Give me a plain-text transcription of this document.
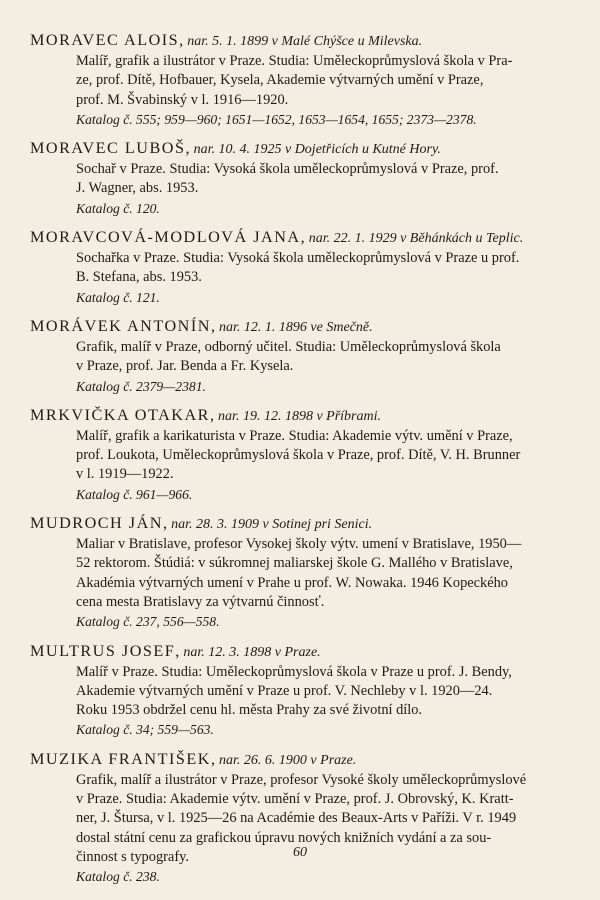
MORAVEC ALOIS, nar. 5. 1. 1899 v Malé Chýšce u Milevska.
Malíř, grafik a ilustrátor v Praze. Studia: Uměleckoprůmyslová škola v Pra-
ze, prof. Dítě, Hofbauer, Kysela, Akademie výtvarných umění v Praze,
prof. M. Švabinský v l. 1916—1920.
Katalog č. 555; 959—960; 1651—1652, 1653—1654, 1655; 2373—2378.
MORAVEC LUBOŠ, nar. 10. 4. 1925 v Dojetřicích u Kutné Hory.
Sochař v Praze. Studia: Vysoká škola uměleckoprůmyslová v Praze, prof.
J. Wagner, abs. 1953.
Katalog č. 120.
MORAVCOVÁ-MODLOVÁ JANA, nar. 22. 1. 1929 v Běhánkách u Teplic.
Sochařka v Praze. Studia: Vysoká škola uměleckoprůmyslová v Praze u prof.
B. Stefana, abs. 1953.
Katalog č. 121.
MORÁVEK ANTONÍN, nar. 12. 1. 1896 ve Smečně.
Grafik, malíř v Praze, odborný učitel. Studia: Uměleckoprůmyslová škola
v Praze, prof. Jar. Benda a Fr. Kysela.
Katalog č. 2379—2381.
MRKVIČKA OTAKAR, nar. 19. 12. 1898 v Příbrami.
Malíř, grafik a karikaturista v Praze. Studia: Akademie výtv. umění v Praze,
prof. Loukota, Uměleckoprůmyslová škola v Praze, prof. Dítě, V. H. Brunner
v l. 1919—1922.
Katalog č. 961—966.
MUDROCH JÁN, nar. 28. 3. 1909 v Sotinej pri Senici.
Maliar v Bratislave, profesor Vysokej školy výtv. umení v Bratislave, 1950—
52 rektorom. Štúdiá: v súkromnej maliarskej škole G. Mallého v Bratislave,
Akadémia výtvarných umení v Prahe u prof. W. Nowaka. 1946 Kopeckého
cena mesta Bratislavy za výtvarnú činnosť.
Katalog č. 237, 556—558.
MULTRUS JOSEF, nar. 12. 3. 1898 v Praze.
Malíř v Praze. Studia: Uměleckoprůmyslová škola v Praze u prof. J. Bendy,
Akademie výtvarných umění v Praze u prof. V. Nechleby v l. 1920—24.
Roku 1953 obdržel cenu hl. města Prahy za své životní dílo.
Katalog č. 34; 559—563.
MUZIKA FRANTIŠEK, nar. 26. 6. 1900 v Praze.
Grafik, malíř a ilustrátor v Praze, profesor Vysoké školy uměleckoprůmyslové
v Praze. Studia: Akademie výtv. umění v Praze, prof. J. Obrovský, K. Kratt-
ner, J. Štursa, v l. 1925—26 na Académie des Beaux-Arts v Paříži. V r. 1949
dostal státní cenu za grafickou úpravu nových knižních vydání a za sou-
činnost s typografy.
Katalog č. 238.
60
